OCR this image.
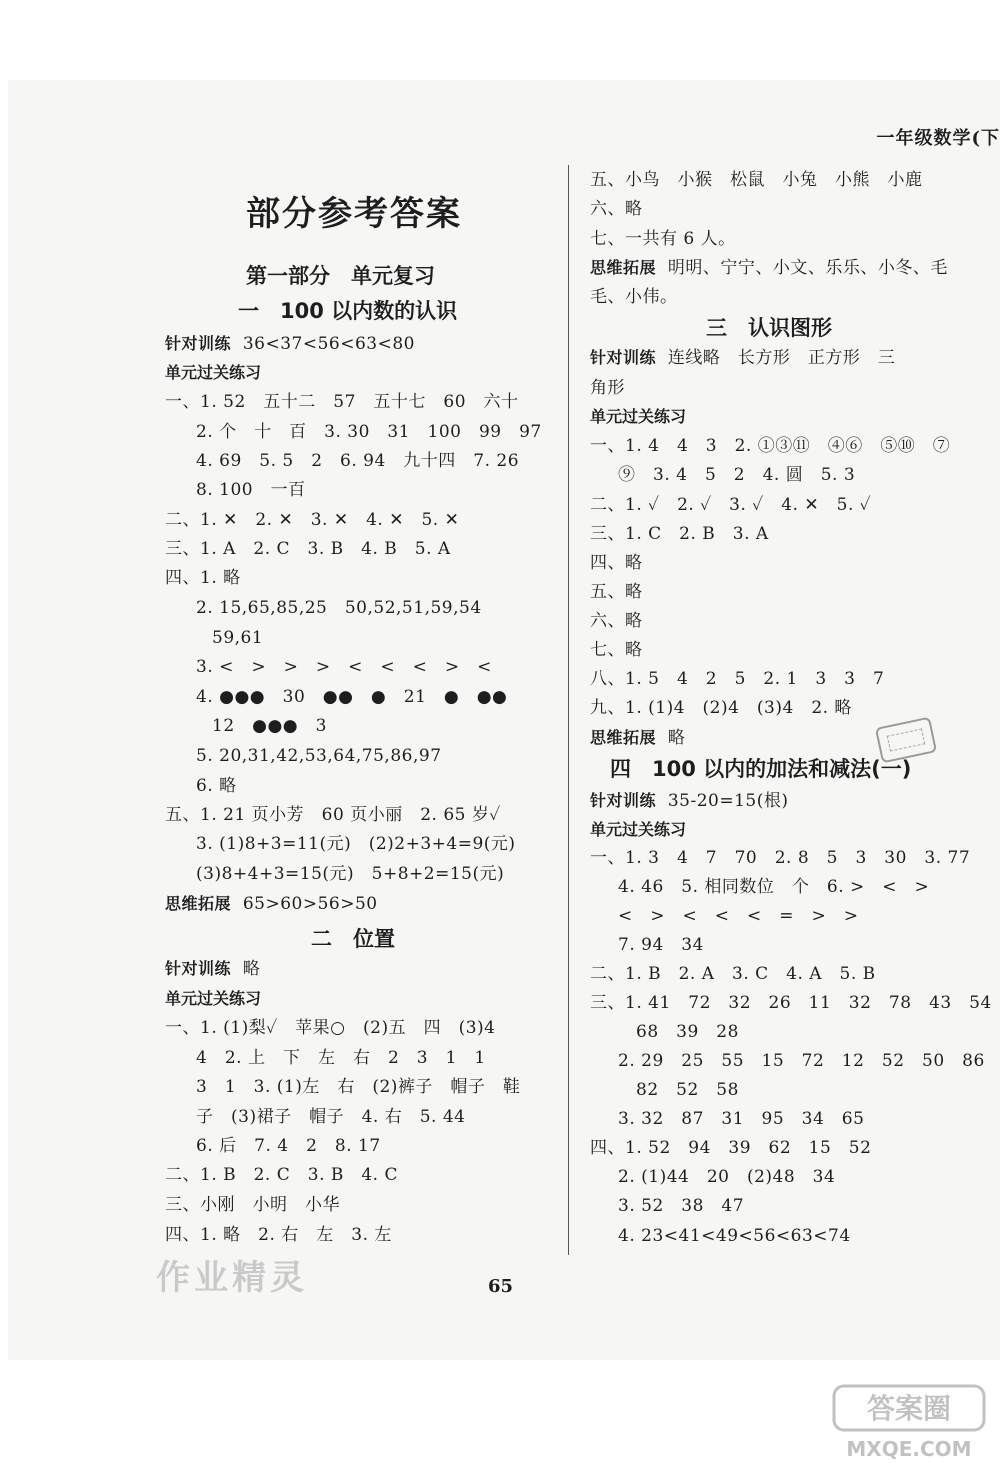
一年级数学(下
部分参考答案
第一部分　单元复习
一　100 以内数的认识
针对训练 36<37<56<63<80
单元过关练习
一、1. 52　五十二　57　五十七　60　六十
2. 个　十　百　3. 30　31　100　99　97
4. 69　5. 5　2　6. 94　九十四　7. 26
8. 100　一百
二、1. ✕　2. ✕　3. ✕　4. ✕　5. ✕
三、1. A　2. C　3. B　4. B　5. A
四、1. 略
2. 15,65,85,25　50,52,51,59,54
59,61
3. <　>　>　>　<　<　<　>　<
4. ●●●　30　●●　●　21　●　●●
12　●●●　3
5. 20,31,42,53,64,75,86,97
6. 略
五、1. 21 页小芳　60 页小丽　2. 65 岁✓
3. (1)8+3=11(元)　(2)2+3+4=9(元)
(3)8+4+3=15(元)　5+8+2=15(元)
思维拓展 65>60>56>50
二　位置
针对训练 略
单元过关练习
一、1. (1)梨✓　苹果○　(2)五　四　(3)4
4　2. 上　下　左　右　2　3　1　1
3　1　3. (1)左　右　(2)裤子　帽子　鞋
子　(3)裙子　帽子　4. 右　5. 44
6. 后　7. 4　2　8. 17
二、1. B　2. C　3. B　4. C
三、小刚　小明　小华
四、1. 略　2. 右　左　3. 左
作业精灵
五、小鸟　小猴　松鼠　小兔　小熊　小鹿
六、略
七、一共有 6 人。
思维拓展 明明、宁宁、小文、乐乐、小冬、毛
毛、小伟。
三　认识图形
针对训练 连线略　长方形　正方形　三
角形
单元过关练习
一、1. 4　4　3　2. ①③⑪　④⑥　⑤⑩　⑦
⑨　3. 4　5　2　4. 圆　5. 3
二、1. ✓　2. ✓　3. ✓　4. ✕　5. ✓
三、1. C　2. B　3. A
四、略
五、略
六、略
七、略
八、1. 5　4　2　5　2. 1　3　3　7
九、1. (1)4　(2)4　(3)4　2. 略
思维拓展 略
四　100 以内的加法和减法(一)
针对训练 35-20=15(根)
单元过关练习
一、1. 3　4　7　70　2. 8　5　3　30　3. 77
4. 46　5. 相同数位　个　6. >　<　>
<　>　<　<　<　=　>　>
7. 94　34
二、1. B　2. A　3. C　4. A　5. B
三、1. 41　72　32　26　11　32　78　43　54
68　39　28
2. 29　25　55　15　72　12　52　50　86
82　52　58
3. 32　87　31　95　34　65
四、1. 52　94　39　62　15　52
2. (1)44　20　(2)48　34
3. 52　38　47
4. 23<41<49<56<63<74
65
答案圈
MXQE.COM
